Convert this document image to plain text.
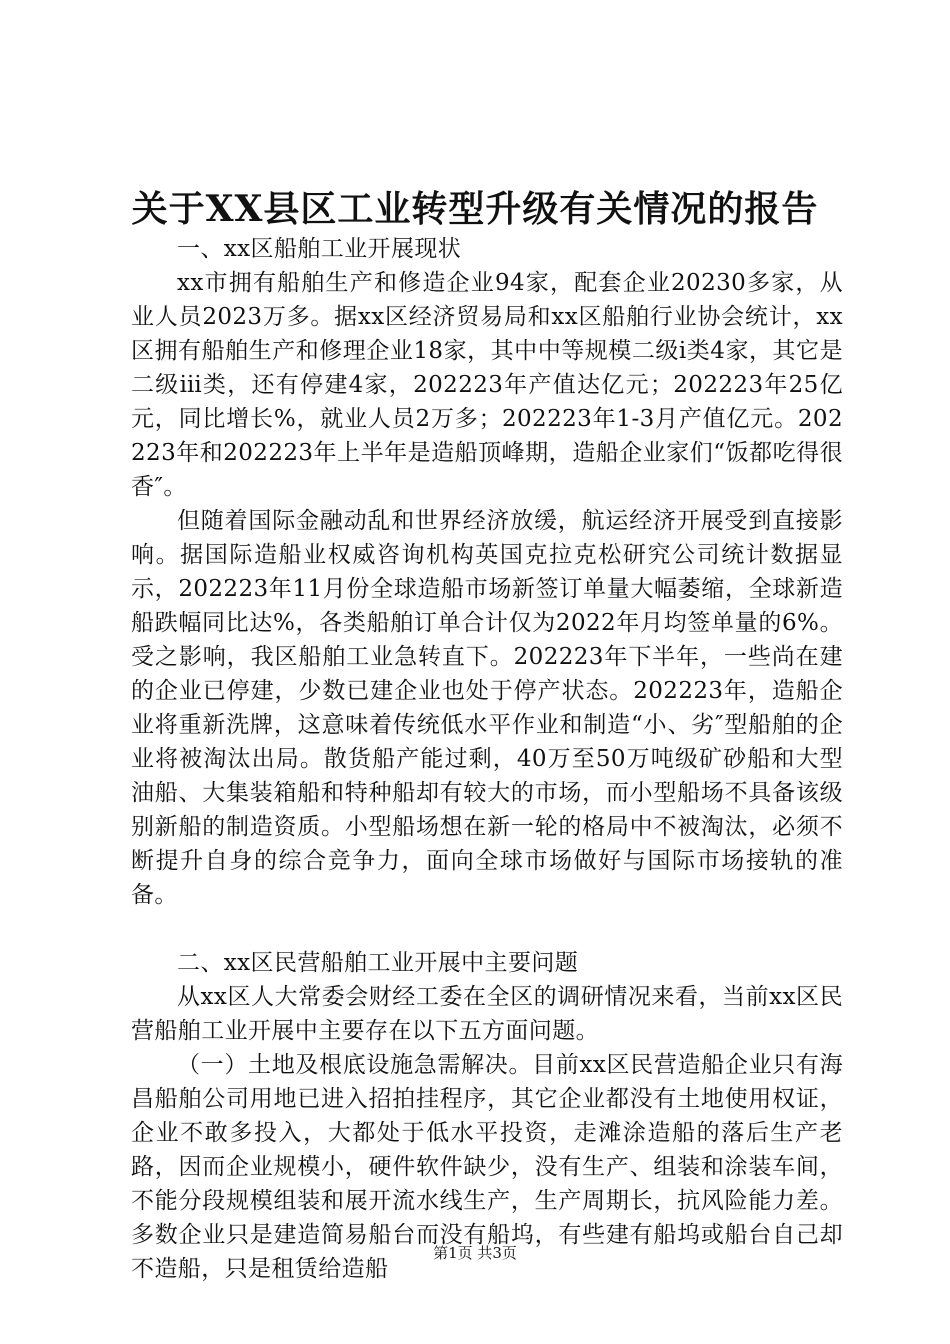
关于XX县区工业转型升级有关情况的报告

一、xx区船舶工业开展现状

xx市拥有船舶生产和修造企业94家，配套企业20230多家，从业人员2023万多。据xx区经济贸易局和xx区船舶行业协会统计，xx区拥有船舶生产和修理企业18家，其中中等规模二级ⅰ类4家，其它是二级ⅲ类，还有停建4家，202223年产值达亿元；202223年25亿元，同比增长%，就业人员2万多；202223年1-3月产值亿元。202223年和202223年上半年是造船顶峰期，造船企业家们“饭都吃得很香″。

但随着国际金融动乱和世界经济放缓，航运经济开展受到直接影响。据国际造船业权威咨询机构英国克拉克松研究公司统计数据显示，202223年11月份全球造船市场新签订单量大幅萎缩，全球新造船跌幅同比达%，各类船舶订单合计仅为2022年月均签单量的6%。受之影响，我区船舶工业急转直下。202223年下半年，一些尚在建的企业已停建，少数已建企业也处于停产状态。202223年，造船企业将重新洗牌，这意味着传统低水平作业和制造“小、劣″型船舶的企业将被淘汰出局。散货船产能过剩，40万至50万吨级矿砂船和大型油船、大集装箱船和特种船却有较大的市场，而小型船场不具备该级别新船的制造资质。小型船场想在新一轮的格局中不被淘汰，必须不断提升自身的综合竞争力，面向全球市场做好与国际市场接轨的准备。

二、xx区民营船舶工业开展中主要问题

从xx区人大常委会财经工委在全区的调研情况来看，当前xx区民营船舶工业开展中主要存在以下五方面问题。

（一）土地及根底设施急需解决。目前xx区民营造船企业只有海昌船舶公司用地已进入招拍挂程序，其它企业都没有土地使用权证，企业不敢多投入，大都处于低水平投资，走滩涂造船的落后生产老路，因而企业规模小，硬件软件缺少，没有生产、组装和涂装车间，不能分段规模组装和展开流水线生产，生产周期长，抗风险能力差。多数企业只是建造简易船台而没有船坞，有些建有船坞或船台自己却不造船，只是租赁给造船

第1页 共3页
